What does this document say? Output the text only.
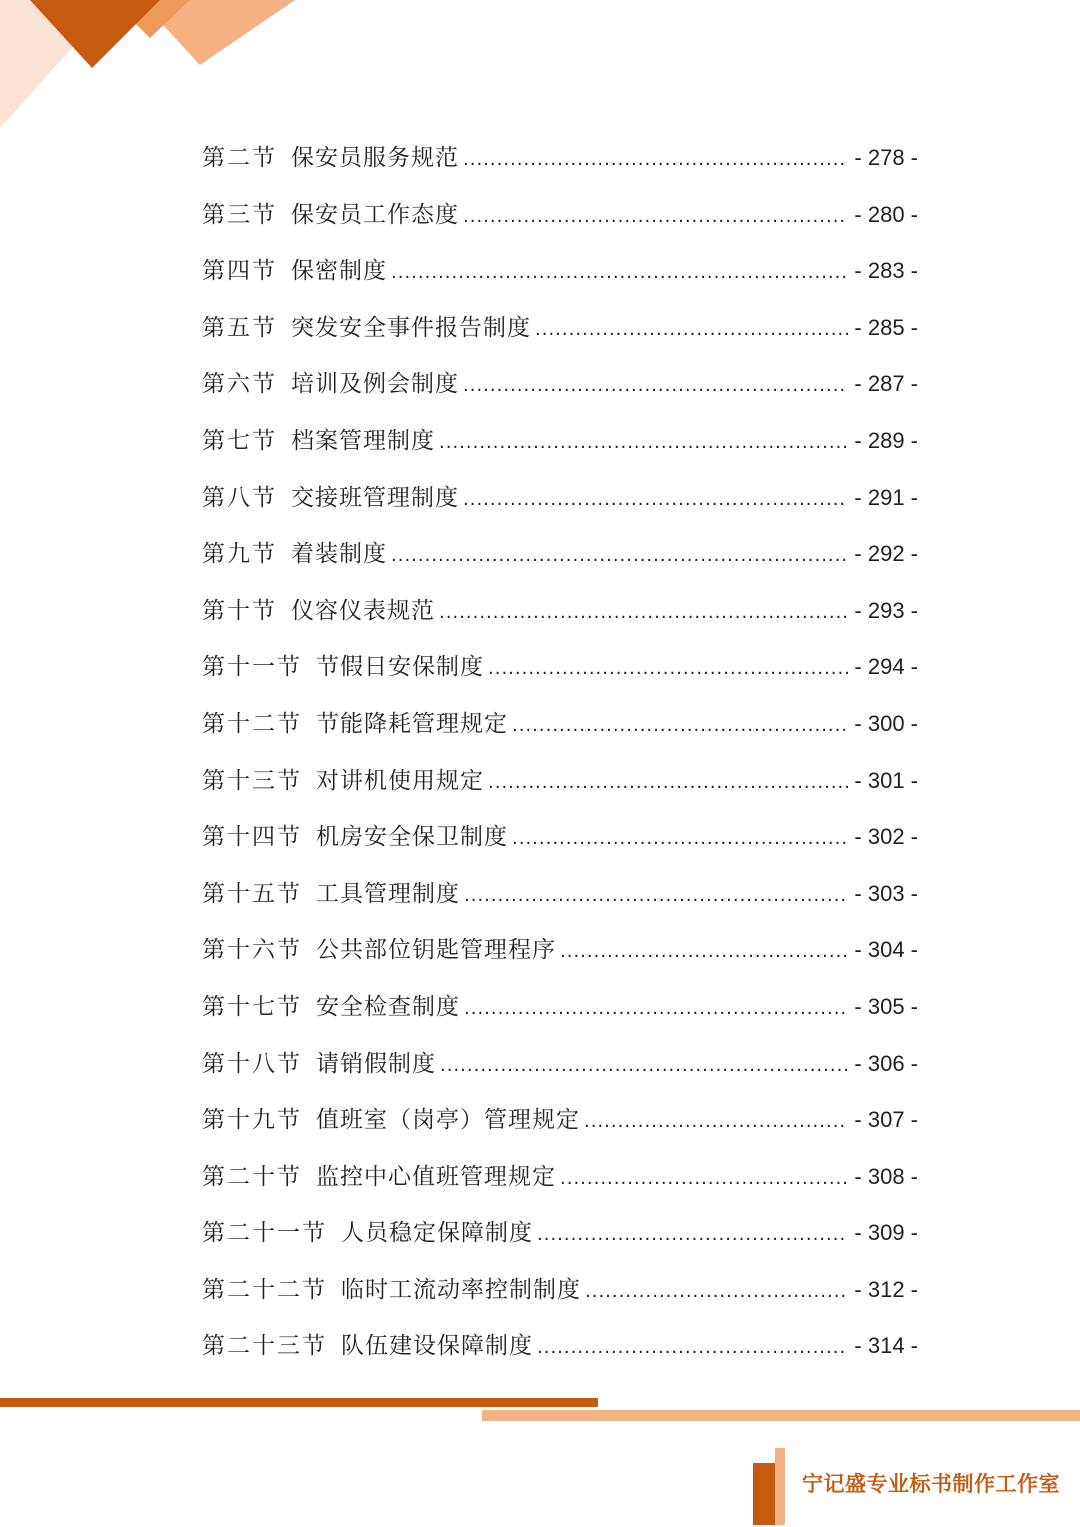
第二节 保安员服务规范 .....	- 278 -
第三节 保安员工作态度 .....	- 280 -
第四节 保密制度 .....	- 283 -
第五节 突发安全事件报告制度 .....	- 285 -
第六节 培训及例会制度 .....	- 287 -
第七节 档案管理制度 .....	- 289 -
第八节 交接班管理制度 .....	- 291 -
第九节 着装制度 .....	- 292 -
第十节 仪容仪表规范 .....	- 293 -
第十一节 节假日安保制度 .....	- 294 -
第十二节 节能降耗管理规定 .....	- 300 -
第十三节 对讲机使用规定 .....	- 301 -
第十四节 机房安全保卫制度 .....	- 302 -
第十五节 工具管理制度 .....	- 303 -
第十六节 公共部位钥匙管理程序 .....	- 304 -
第十七节 安全检查制度 .....	- 305 -
第十八节 请销假制度 .....	- 306 -
第十九节 值班室（岗亭）管理规定 .....	- 307 -
第二十节 监控中心值班管理规定 .....	- 308 -
第二十一节 人员稳定保障制度 .....	- 309 -
第二十二节 临时工流动率控制制度 .....	- 312 -
第二十三节 队伍建设保障制度 .....	- 314 -
宁记盛专业标书制作工作室
